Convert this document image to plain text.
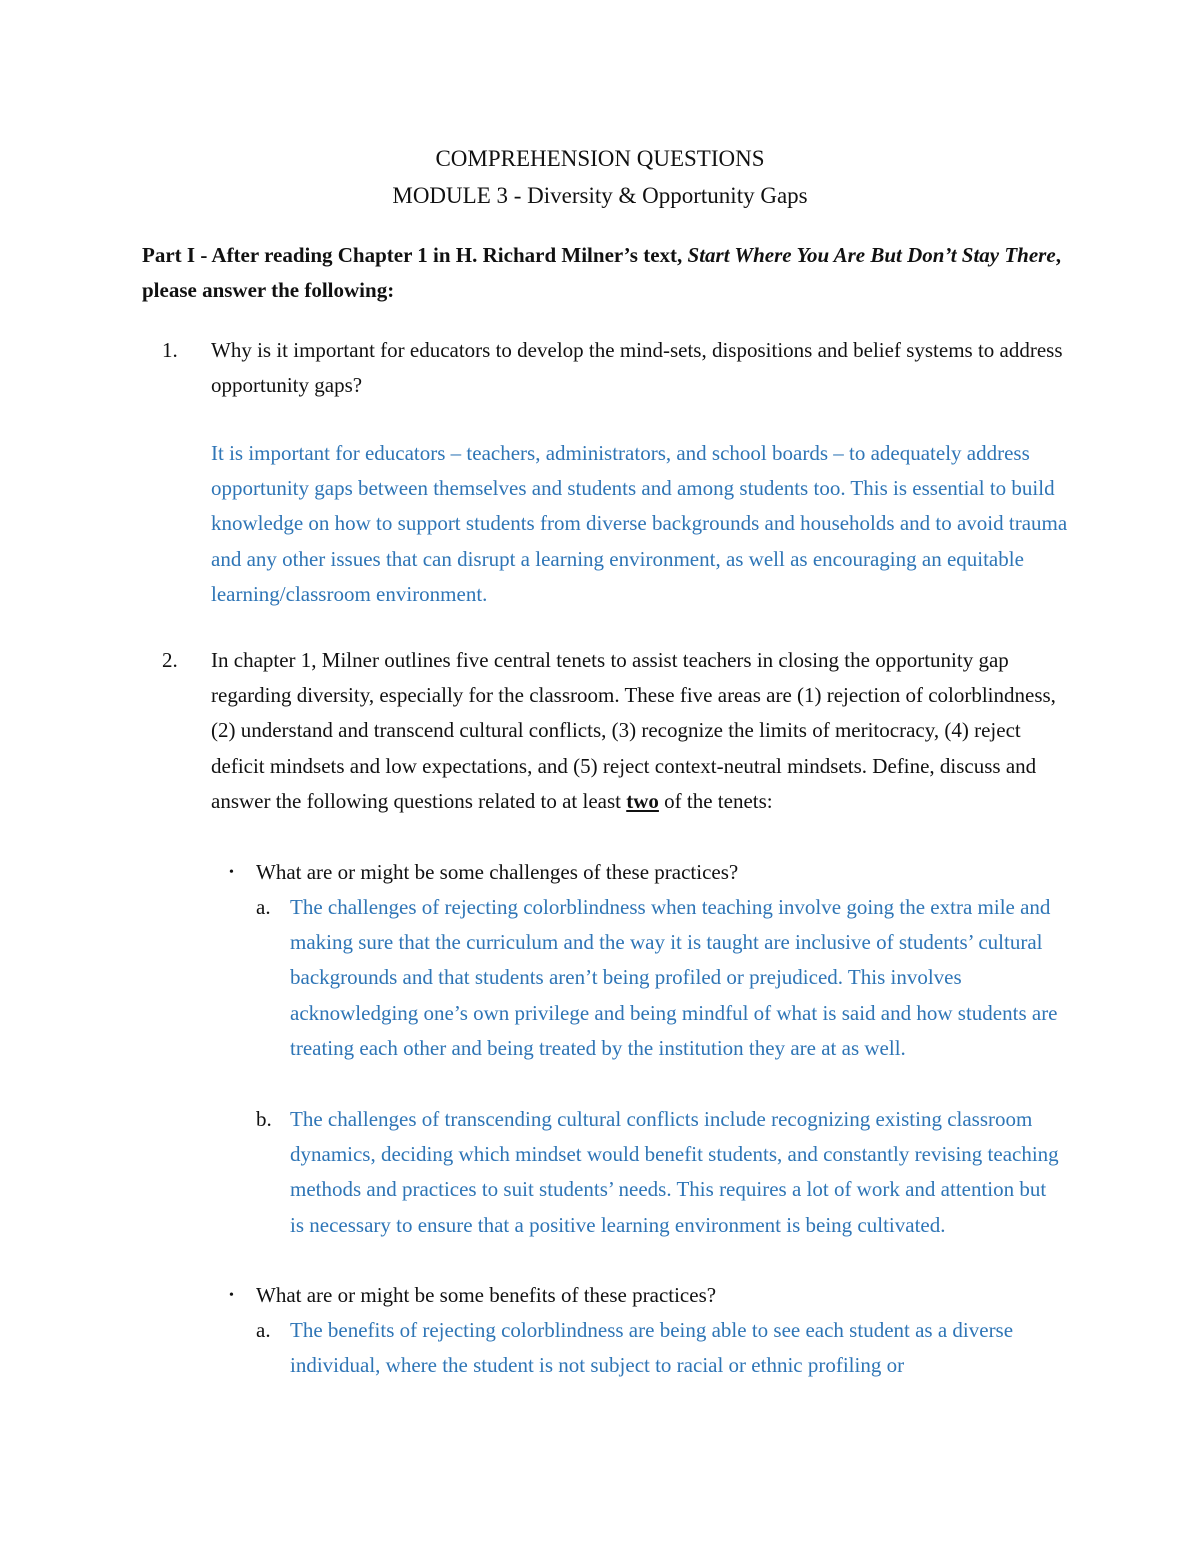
COMPREHENSION QUESTIONS
MODULE 3 - Diversity & Opportunity Gaps
Part I - After reading Chapter 1 in H. Richard Milner’s text, Start Where You Are But Don’t Stay There, please answer the following:
1. Why is it important for educators to develop the mind-sets, dispositions and belief systems to address opportunity gaps?
It is important for educators – teachers, administrators, and school boards – to adequately address opportunity gaps between themselves and students and among students too. This is essential to build knowledge on how to support students from diverse backgrounds and households and to avoid trauma and any other issues that can disrupt a learning environment, as well as encouraging an equitable learning/classroom environment.
2. In chapter 1, Milner outlines five central tenets to assist teachers in closing the opportunity gap regarding diversity, especially for the classroom. These five areas are (1) rejection of colorblindness, (2) understand and transcend cultural conflicts, (3) recognize the limits of meritocracy, (4) reject deficit mindsets and low expectations, and (5) reject context-neutral mindsets. Define, discuss and answer the following questions related to at least two of the tenets:
• What are or might be some challenges of these practices?
a. The challenges of rejecting colorblindness when teaching involve going the extra mile and making sure that the curriculum and the way it is taught are inclusive of students’ cultural backgrounds and that students aren’t being profiled or prejudiced. This involves acknowledging one’s own privilege and being mindful of what is said and how students are treating each other and being treated by the institution they are at as well.
b. The challenges of transcending cultural conflicts include recognizing existing classroom dynamics, deciding which mindset would benefit students, and constantly revising teaching methods and practices to suit students’ needs. This requires a lot of work and attention but is necessary to ensure that a positive learning environment is being cultivated.
• What are or might be some benefits of these practices?
a. The benefits of rejecting colorblindness are being able to see each student as a diverse individual, where the student is not subject to racial or ethnic profiling or
